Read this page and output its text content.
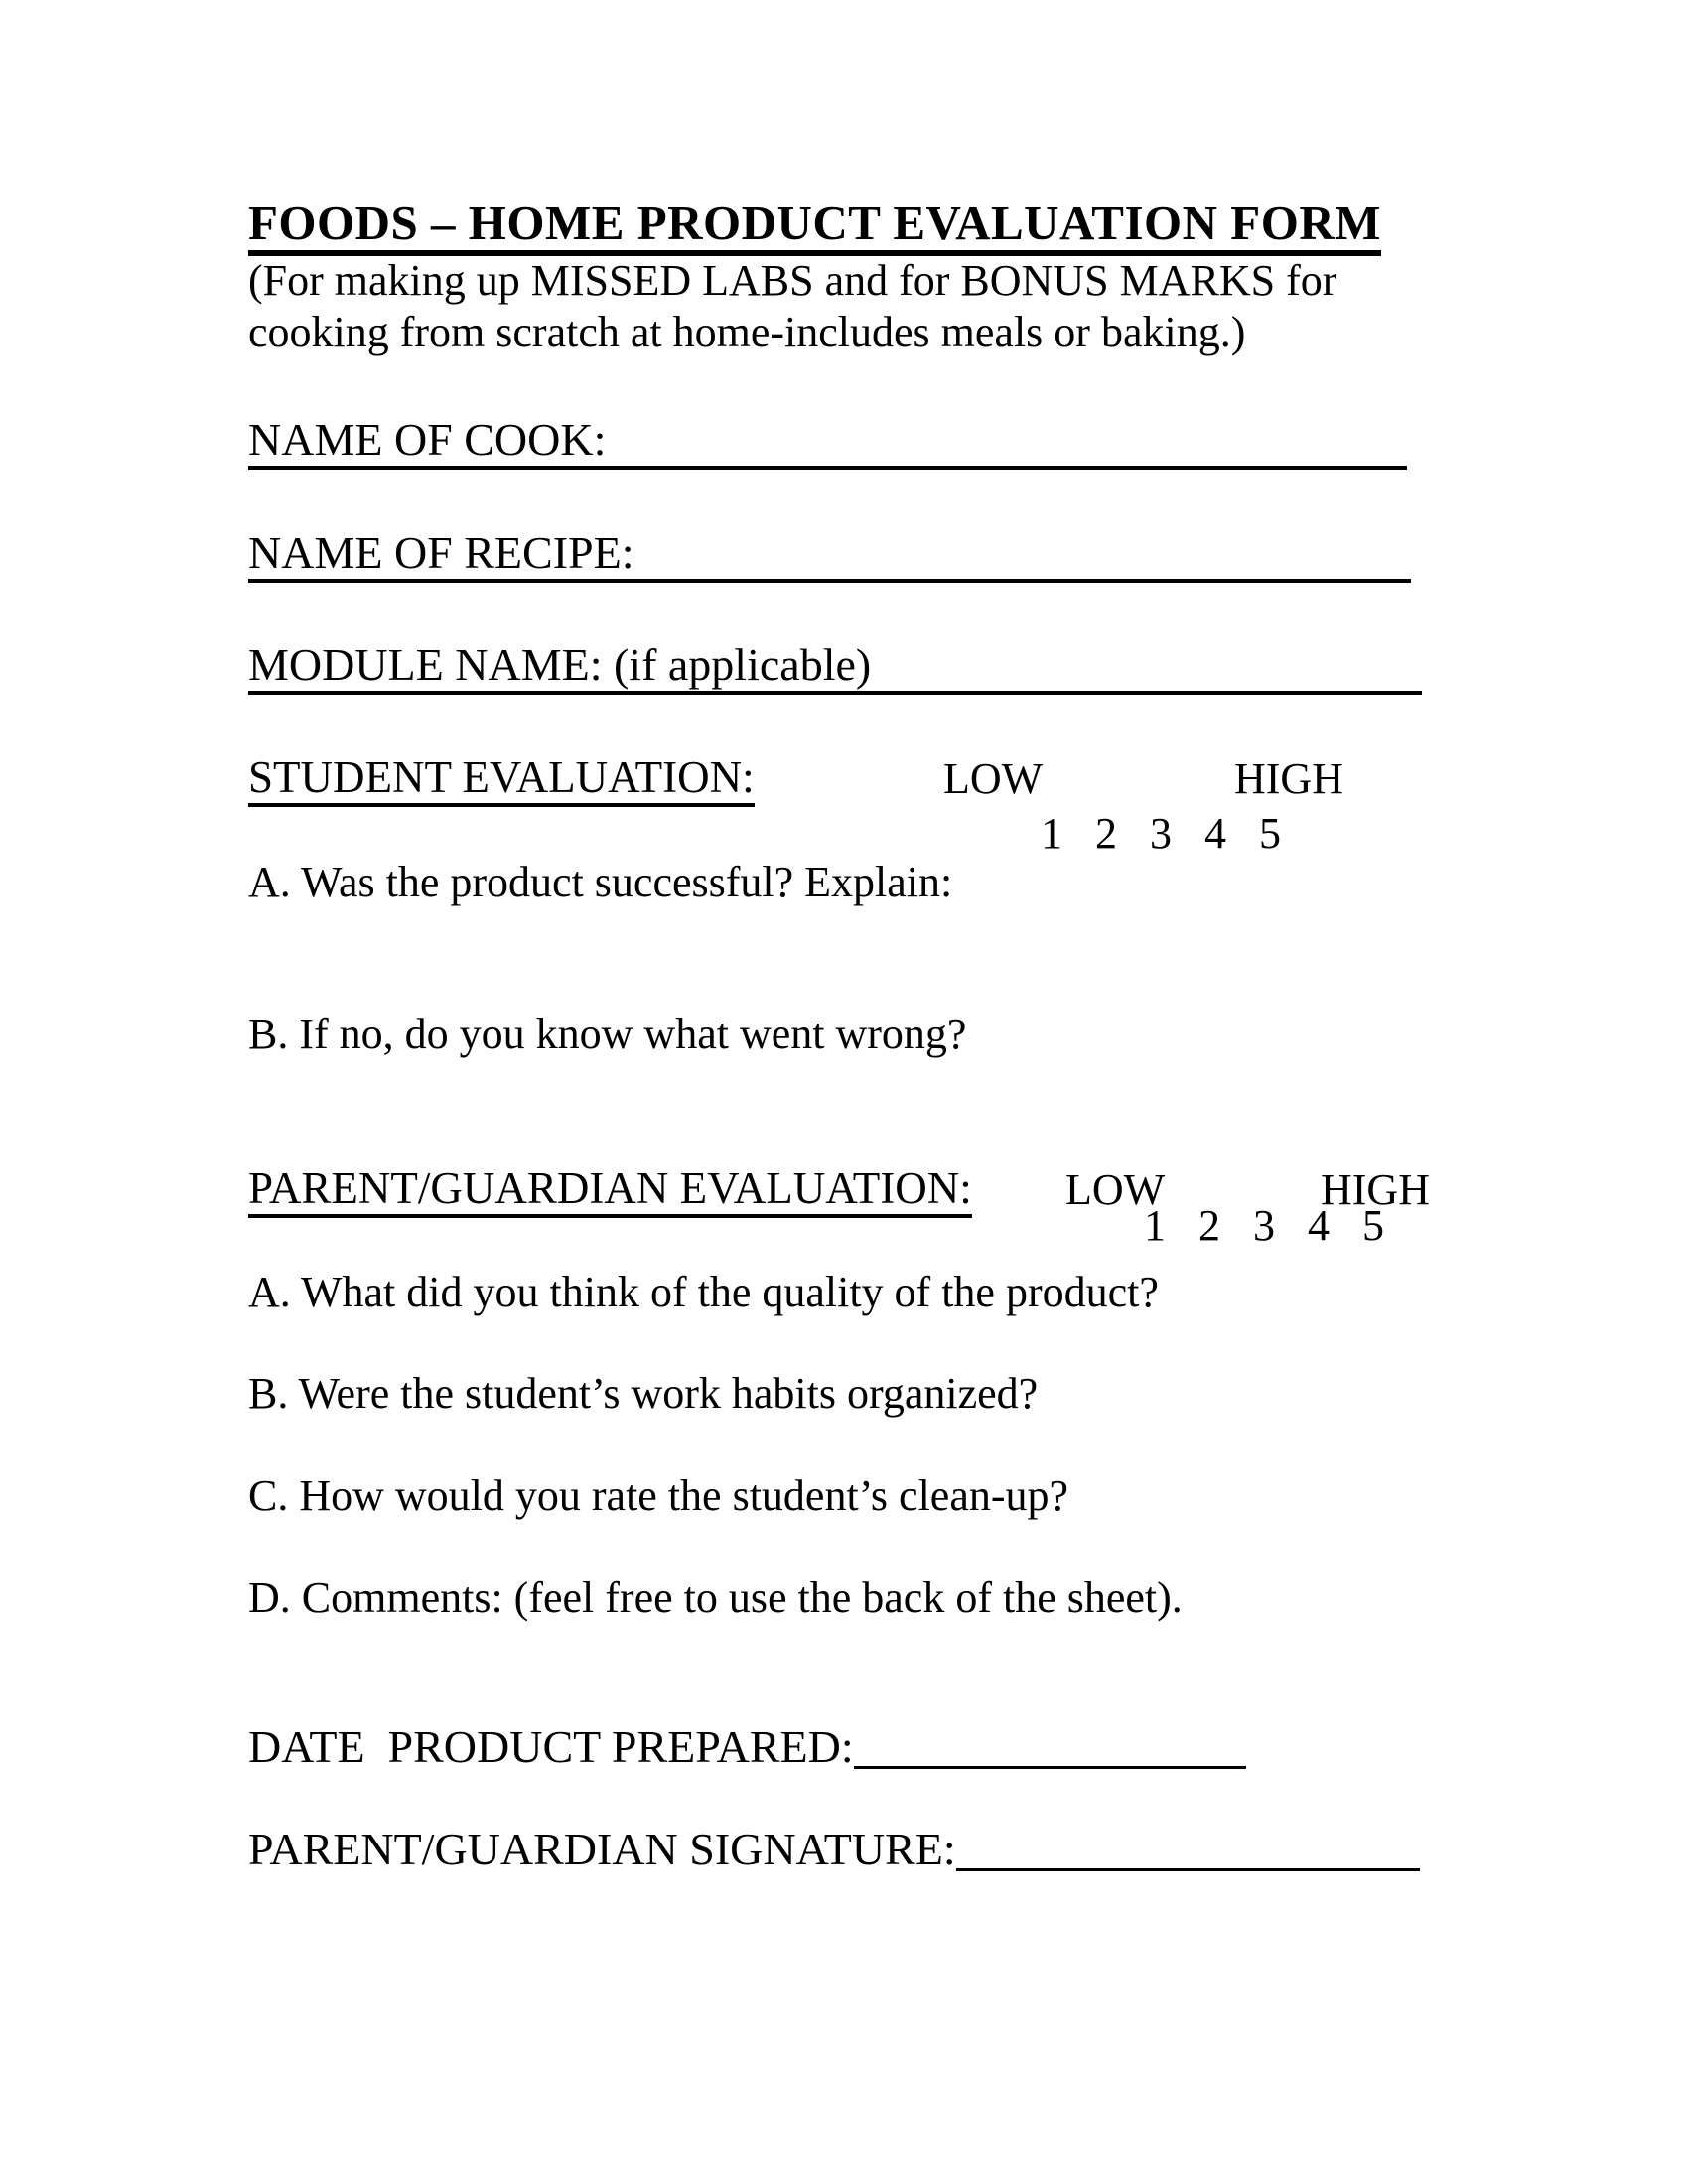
FOODS – HOME PRODUCT EVALUATION FORM
(For making up MISSED LABS and for BONUS MARKS for
cooking from scratch at home-includes meals or baking.)
NAME OF COOK:
NAME OF RECIPE:
MODULE NAME: (if applicable)
STUDENT EVALUATION:	LOW	HIGH
1 2 3 4 5
A. Was the product successful? Explain:
B. If no, do you know what went wrong?
PARENT/GUARDIAN EVALUATION: LOW	HIGH
1 2 3 4 5
A. What did you think of the quality of the product?
B. Were the student’s work habits organized?
C. How would you rate the student’s clean-up?
D. Comments: (feel free to use the back of the sheet).
DATE  PRODUCT PREPARED:
PARENT/GUARDIAN SIGNATURE:
